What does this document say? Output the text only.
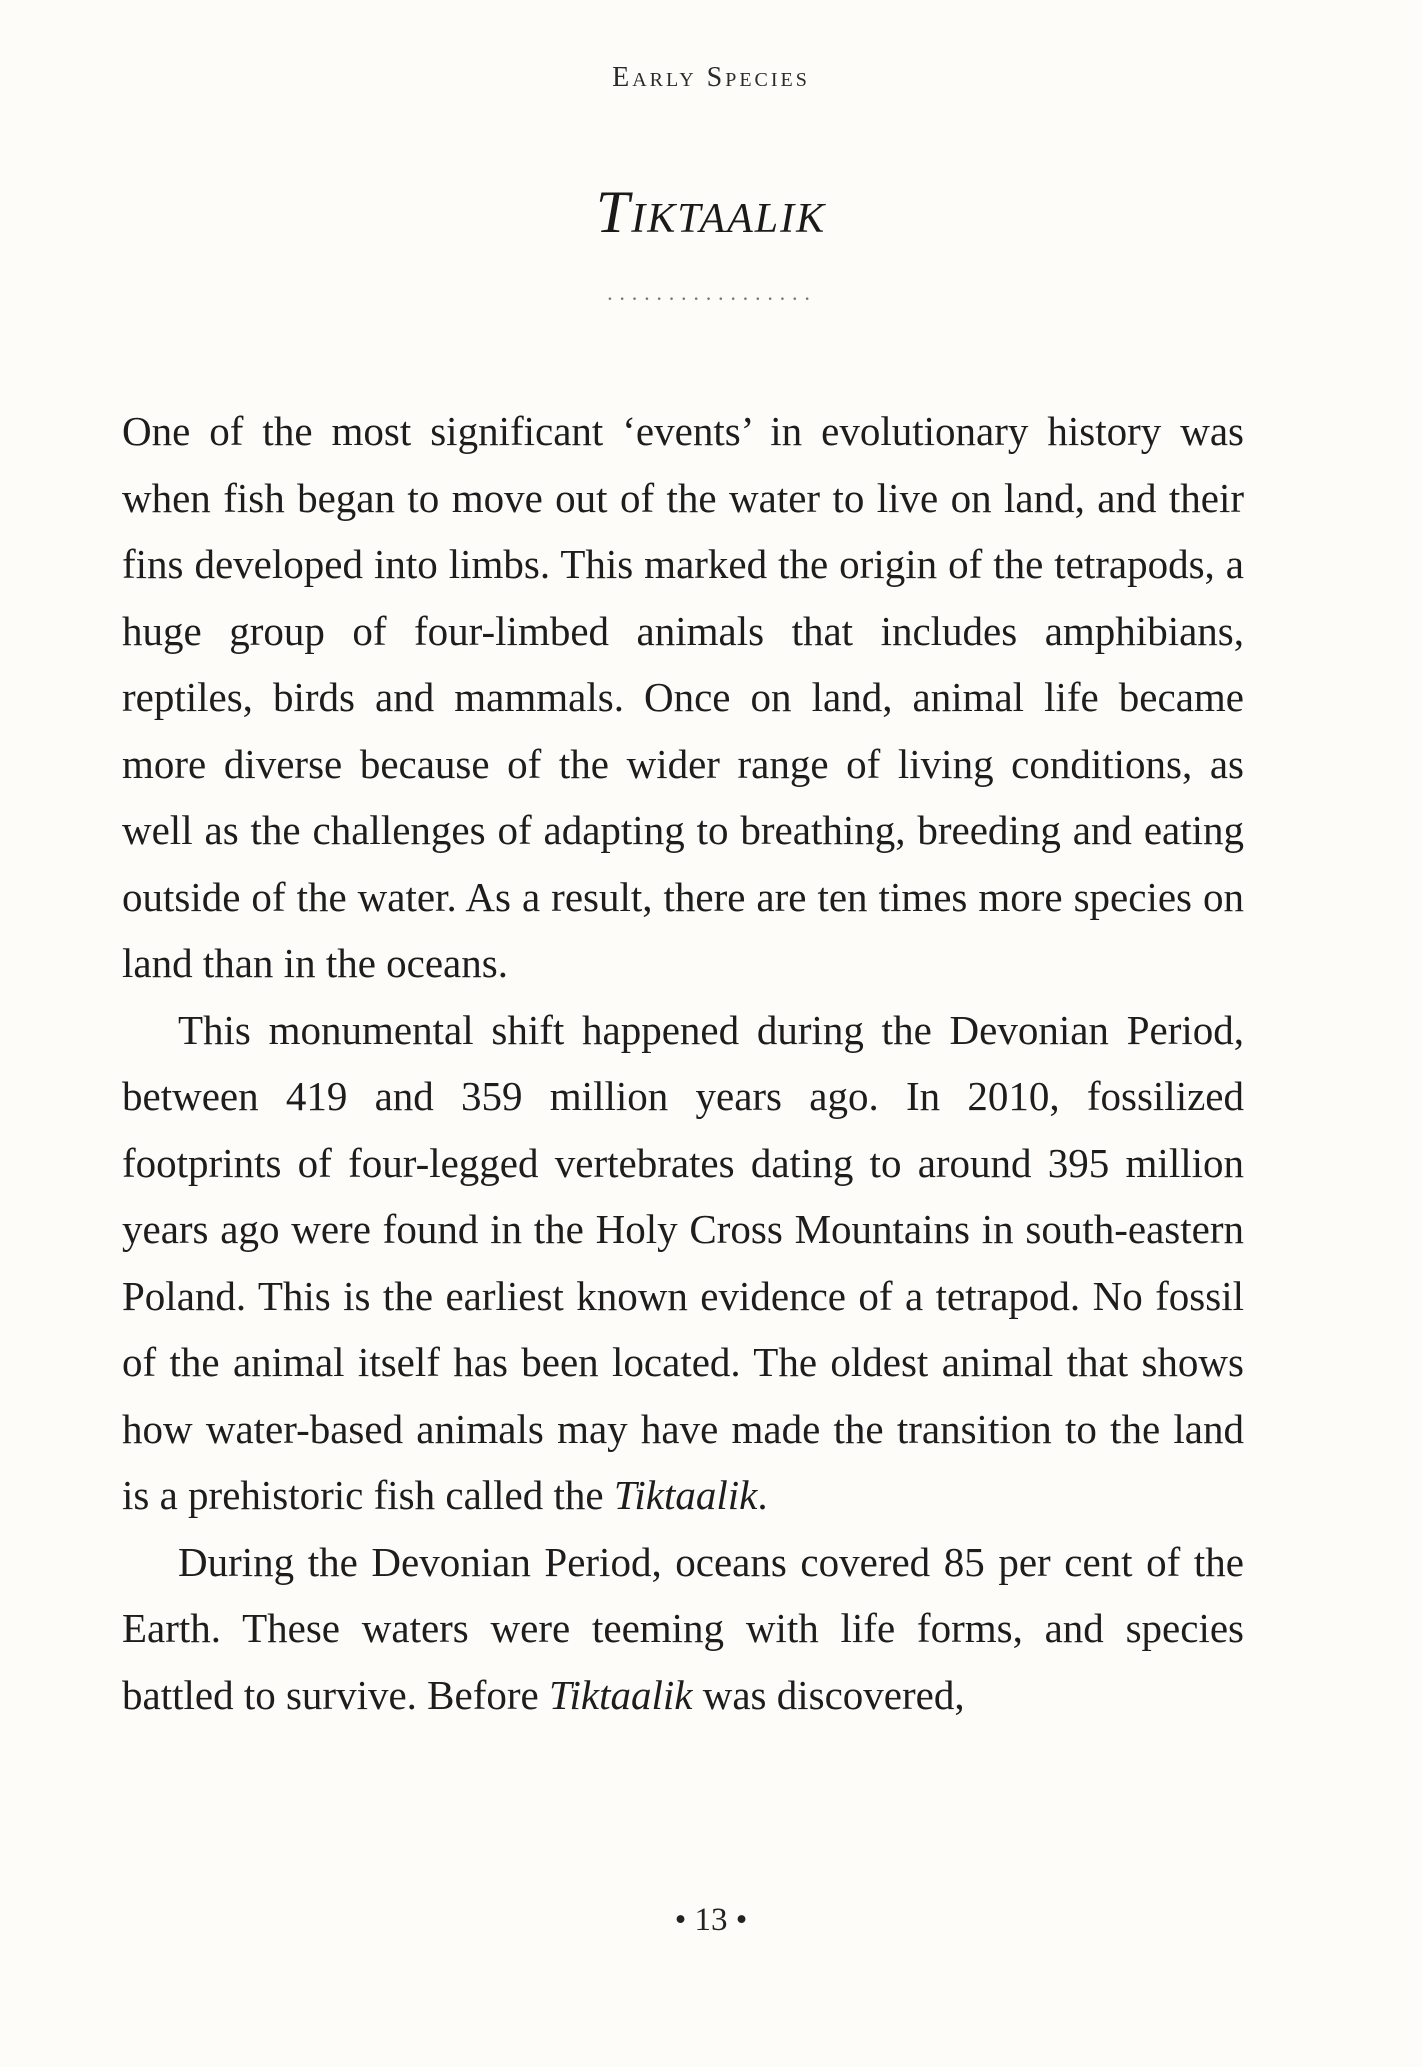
Early Species
Tiktaalik
·················

One of the most significant ‘events’ in evolutionary history was when fish began to move out of the water to live on land, and their fins developed into limbs. This marked the origin of the tetrapods, a huge group of four-limbed animals that includes amphibians, reptiles, birds and mammals. Once on land, animal life became more diverse because of the wider range of living conditions, as well as the challenges of adapting to breathing, breeding and eating outside of the water. As a result, there are ten times more species on land than in the oceans.

This monumental shift happened during the Devonian Period, between 419 and 359 million years ago. In 2010, fossilized footprints of four-legged vertebrates dating to around 395 million years ago were found in the Holy Cross Mountains in south-eastern Poland. This is the earliest known evidence of a tetrapod. No fossil of the animal itself has been located. The oldest animal that shows how water-based animals may have made the transition to the land is a prehistoric fish called the Tiktaalik.

During the Devonian Period, oceans covered 85 per cent of the Earth. These waters were teeming with life forms, and species battled to survive. Before Tiktaalik was discovered,

• 13 •
